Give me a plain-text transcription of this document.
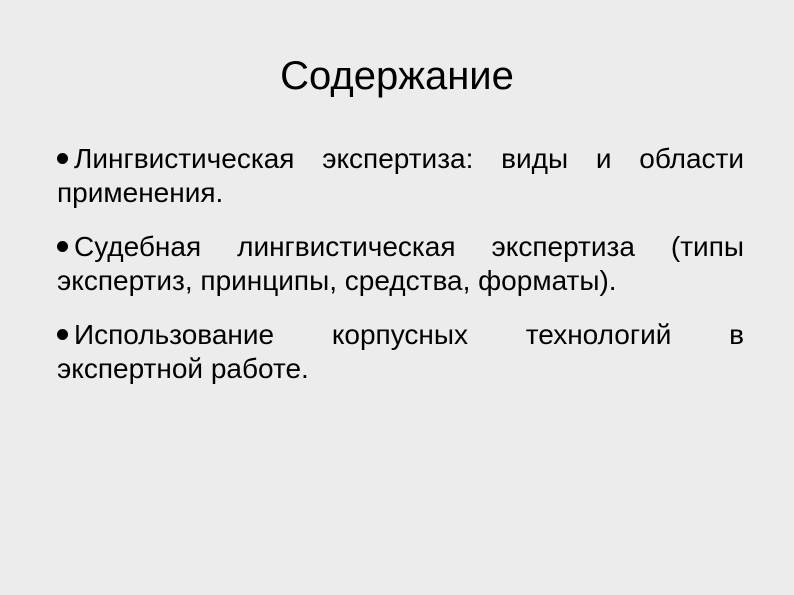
Содержание
Лингвистическая экспертиза: виды и области применения.
Судебная лингвистическая экспертиза (типы экспертиз, принципы, средства, форматы).
Использование корпусных технологий в экспертной работе.
